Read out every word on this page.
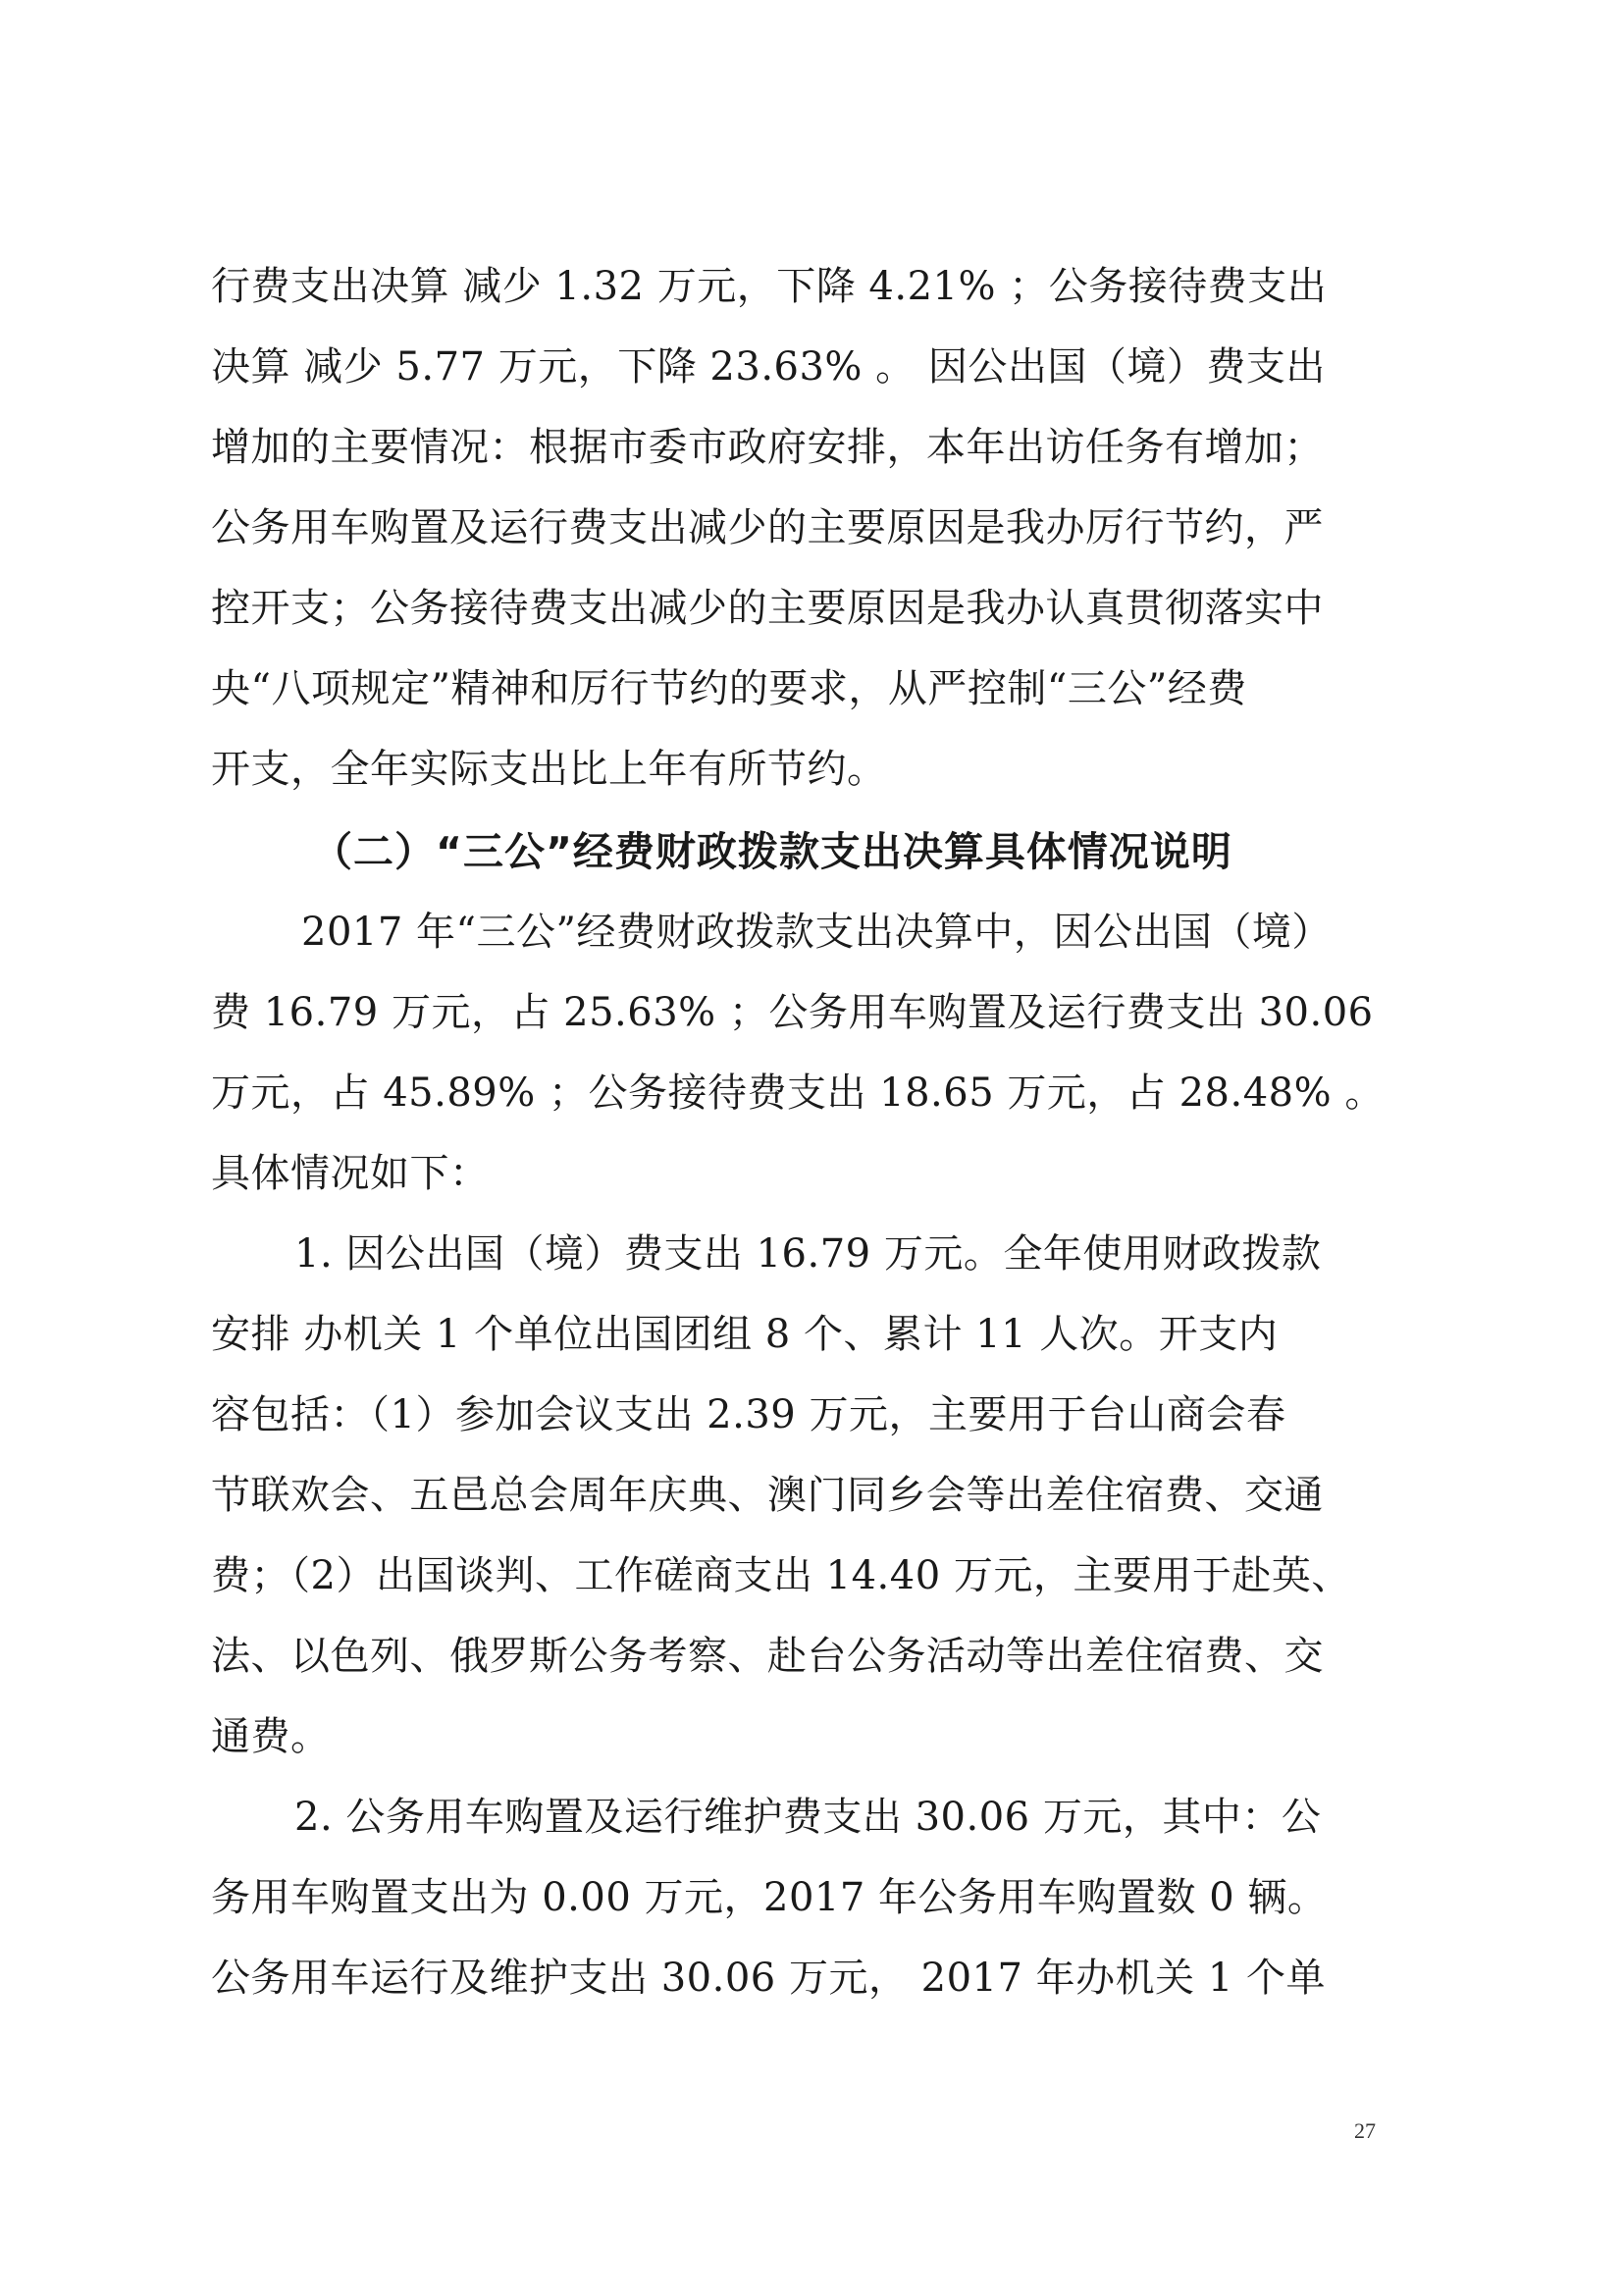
行费支出决算 减少 1.32 万元，下降 4.21% ；公务接待费支出
决算 减少 5.77 万元，下降 23.63% 。 因公出国（境）费支出
增加的主要情况：根据市委市政府安排，本年出访任务有增加；
公务用车购置及运行费支出减少的主要原因是我办厉行节约，严
控开支；公务接待费支出减少的主要原因是我办认真贯彻落实中
央“八项规定”精神和厉行节约的要求，从严控制“三公”经费
开支，全年实际支出比上年有所节约。
（二）“三公”经费财政拨款支出决算具体情况说明
2017 年“三公”经费财政拨款支出决算中，因公出国（境）
费 16.79 万元，占 25.63% ；公务用车购置及运行费支出 30.06
万元，占 45.89% ；公务接待费支出 18.65 万元，占 28.48% 。
具体情况如下：
1. 因公出国（境）费支出 16.79 万元。全年使用财政拨款
安排 办机关 1 个单位出国团组 8 个、累计 11 人次。开支内
容包括：（1）参加会议支出 2.39 万元，主要用于台山商会春
节联欢会、五邑总会周年庆典、澳门同乡会等出差住宿费、交通
费；（2）出国谈判、工作磋商支出 14.40 万元，主要用于赴英、
法、以色列、俄罗斯公务考察、赴台公务活动等出差住宿费、交
通费。
2. 公务用车购置及运行维护费支出 30.06 万元，其中：公
务用车购置支出为 0.00 万元，2017 年公务用车购置数 0 辆。
公务用车运行及维护支出 30.06 万元， 2017 年办机关 1 个单
27
